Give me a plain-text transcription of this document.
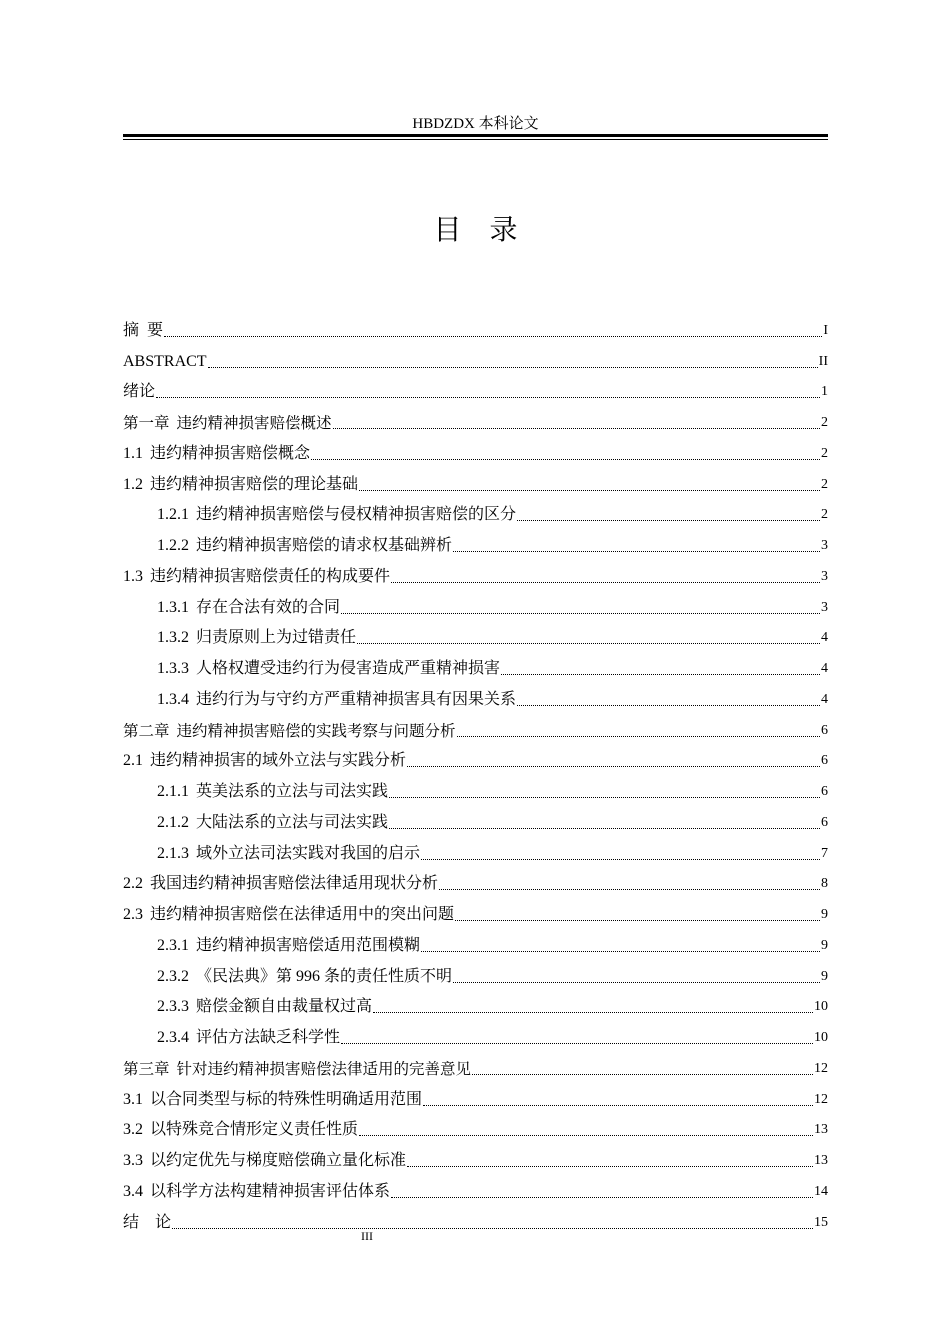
HBDZDX 本科论文
目录
摘  要	I
ABSTRACT	II
绪论	1
第一章 违约精神损害赔偿概述	2
1.1 违约精神损害赔偿概念	2
1.2 违约精神损害赔偿的理论基础	2
1.2.1 违约精神损害赔偿与侵权精神损害赔偿的区分	2
1.2.2 违约精神损害赔偿的请求权基础辨析	3
1.3 违约精神损害赔偿责任的构成要件	3
1.3.1 存在合法有效的合同	3
1.3.2 归责原则上为过错责任	4
1.3.3 人格权遭受违约行为侵害造成严重精神损害	4
1.3.4 违约行为与守约方严重精神损害具有因果关系	4
第二章 违约精神损害赔偿的实践考察与问题分析	6
2.1 违约精神损害的域外立法与实践分析	6
2.1.1 英美法系的立法与司法实践	6
2.1.2 大陆法系的立法与司法实践	6
2.1.3 域外立法司法实践对我国的启示	7
2.2 我国违约精神损害赔偿法律适用现状分析	8
2.3 违约精神损害赔偿在法律适用中的突出问题	9
2.3.1 违约精神损害赔偿适用范围模糊	9
2.3.2 《民法典》第 996 条的责任性质不明	9
2.3.3 赔偿金额自由裁量权过高	10
2.3.4 评估方法缺乏科学性	10
第三章 针对违约精神损害赔偿法律适用的完善意见	12
3.1 以合同类型与标的特殊性明确适用范围	12
3.2 以特殊竞合情形定义责任性质	13
3.3 以约定优先与梯度赔偿确立量化标准	13
3.4 以科学方法构建精神损害评估体系	14
结    论	15
III
